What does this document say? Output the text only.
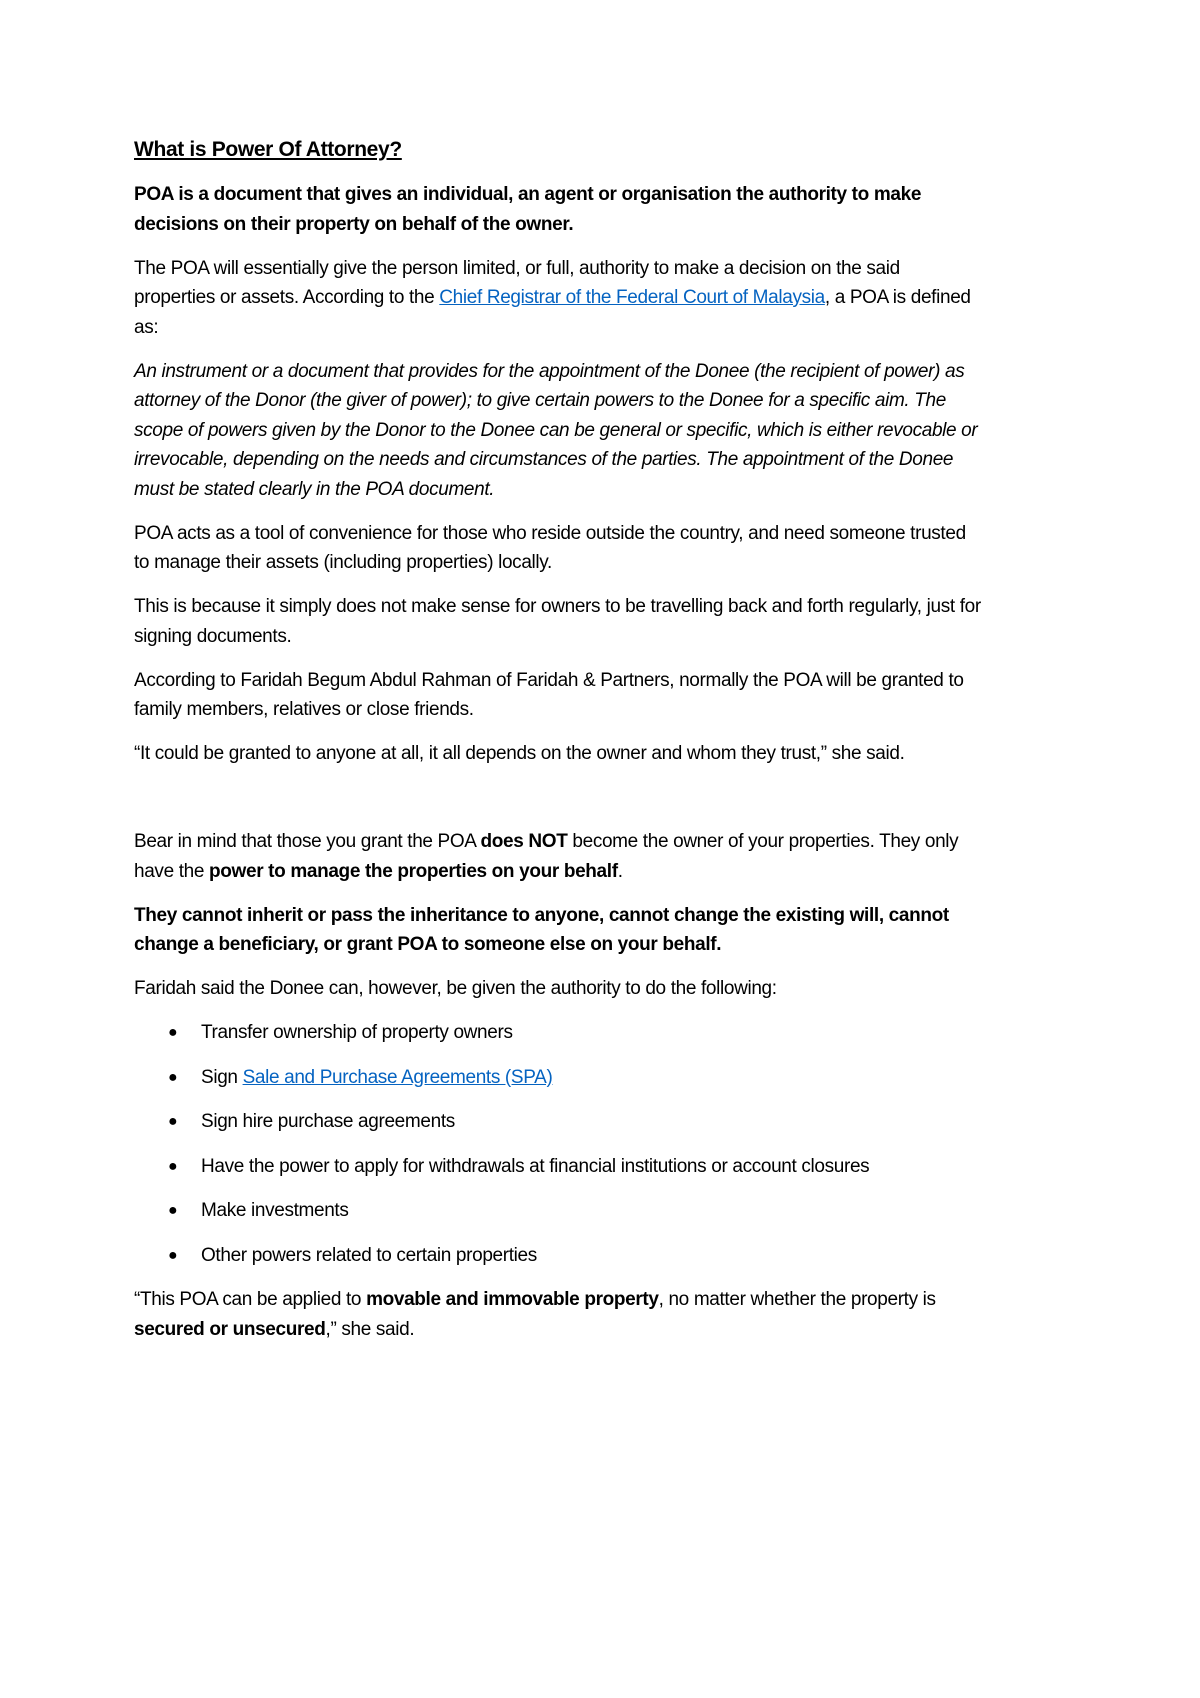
What is Power Of Attorney?

POA is a document that gives an individual, an agent or organisation the authority to make decisions on their property on behalf of the owner.

The POA will essentially give the person limited, or full, authority to make a decision on the said properties or assets. According to the Chief Registrar of the Federal Court of Malaysia, a POA is defined as:

An instrument or a document that provides for the appointment of the Donee (the recipient of power) as attorney of the Donor (the giver of power); to give certain powers to the Donee for a specific aim. The scope of powers given by the Donor to the Donee can be general or specific, which is either revocable or irrevocable, depending on the needs and circumstances of the parties. The appointment of the Donee must be stated clearly in the POA document.

POA acts as a tool of convenience for those who reside outside the country, and need someone trusted to manage their assets (including properties) locally.

This is because it simply does not make sense for owners to be travelling back and forth regularly, just for signing documents.

According to Faridah Begum Abdul Rahman of Faridah & Partners, normally the POA will be granted to family members, relatives or close friends.

“It could be granted to anyone at all, it all depends on the owner and whom they trust,” she said.

Bear in mind that those you grant the POA does NOT become the owner of your properties. They only have the power to manage the properties on your behalf.

They cannot inherit or pass the inheritance to anyone, cannot change the existing will, cannot change a beneficiary, or grant POA to someone else on your behalf.

Faridah said the Donee can, however, be given the authority to do the following:

● Transfer ownership of property owners
● Sign Sale and Purchase Agreements (SPA)
● Sign hire purchase agreements
● Have the power to apply for withdrawals at financial institutions or account closures
● Make investments
● Other powers related to certain properties

“This POA can be applied to movable and immovable property, no matter whether the property is secured or unsecured,” she said.
